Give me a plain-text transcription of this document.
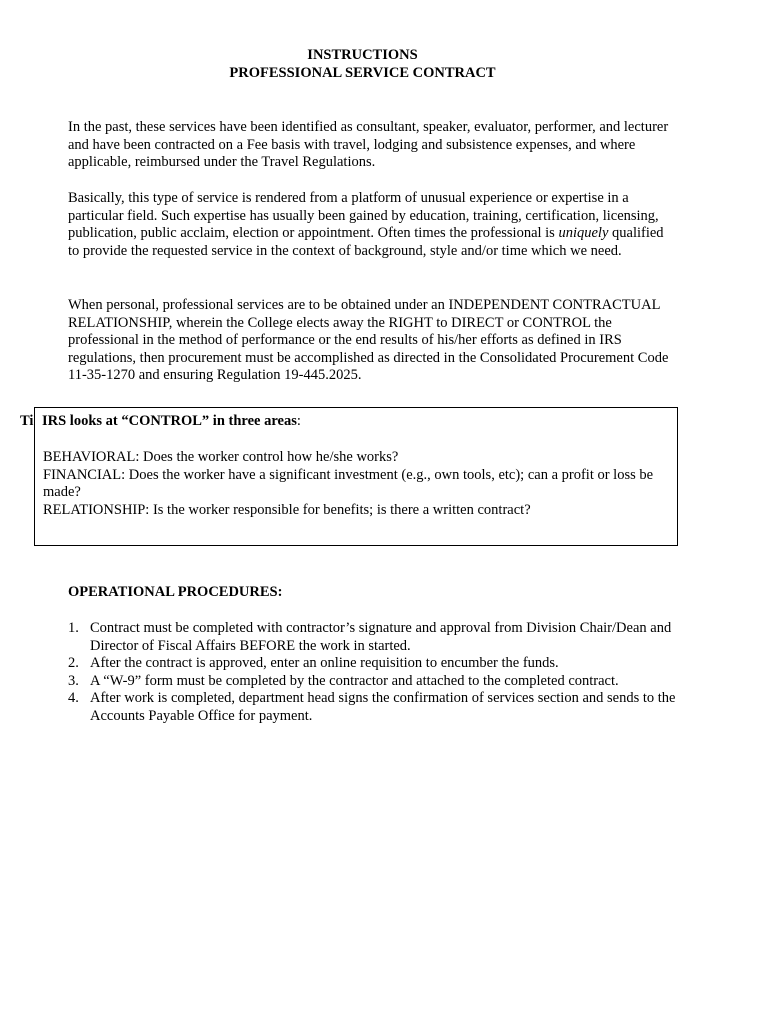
INSTRUCTIONS
PROFESSIONAL SERVICE CONTRACT

In the past, these services have been identified as consultant, speaker, evaluator, performer, and lecturer and have been contracted on a Fee basis with travel, lodging and subsistence expenses, and where applicable, reimbursed under the Travel Regulations.

Basically, this type of service is rendered from a platform of unusual experience or expertise in a particular field. Such expertise has usually been gained by education, training, certification, licensing, publication, public acclaim, election or appointment. Often times the professional is uniquely qualified to provide the requested service in the context of background, style and/or time which we need.

When personal, professional services are to be obtained under an INDEPENDENT CONTRACTUAL RELATIONSHIP, wherein the College elects away the RIGHT to DIRECT or CONTROL the professional in the method of performance or the end results of his/her efforts as defined in IRS regulations, then procurement must be accomplished as directed in the Consolidated Procurement Code 11-35-1270 and ensuring Regulation 19-445.2025.

Ti IRS looks at “CONTROL” in three areas:
BEHAVIORAL: Does the worker control how he/she works?
FINANCIAL: Does the worker have a significant investment (e.g., own tools, etc); can a profit or loss be made?
RELATIONSHIP: Is the worker responsible for benefits; is there a written contract?
OPERATIONAL PROCEDURES:
1. Contract must be completed with contractor’s signature and approval from Division Chair/Dean and Director of Fiscal Affairs BEFORE the work in started.
2. After the contract is approved, enter an online requisition to encumber the funds.
3. A “W-9” form must be completed by the contractor and attached to the completed contract.
4. After work is completed, department head signs the confirmation of services section and sends to the Accounts Payable Office for payment.
